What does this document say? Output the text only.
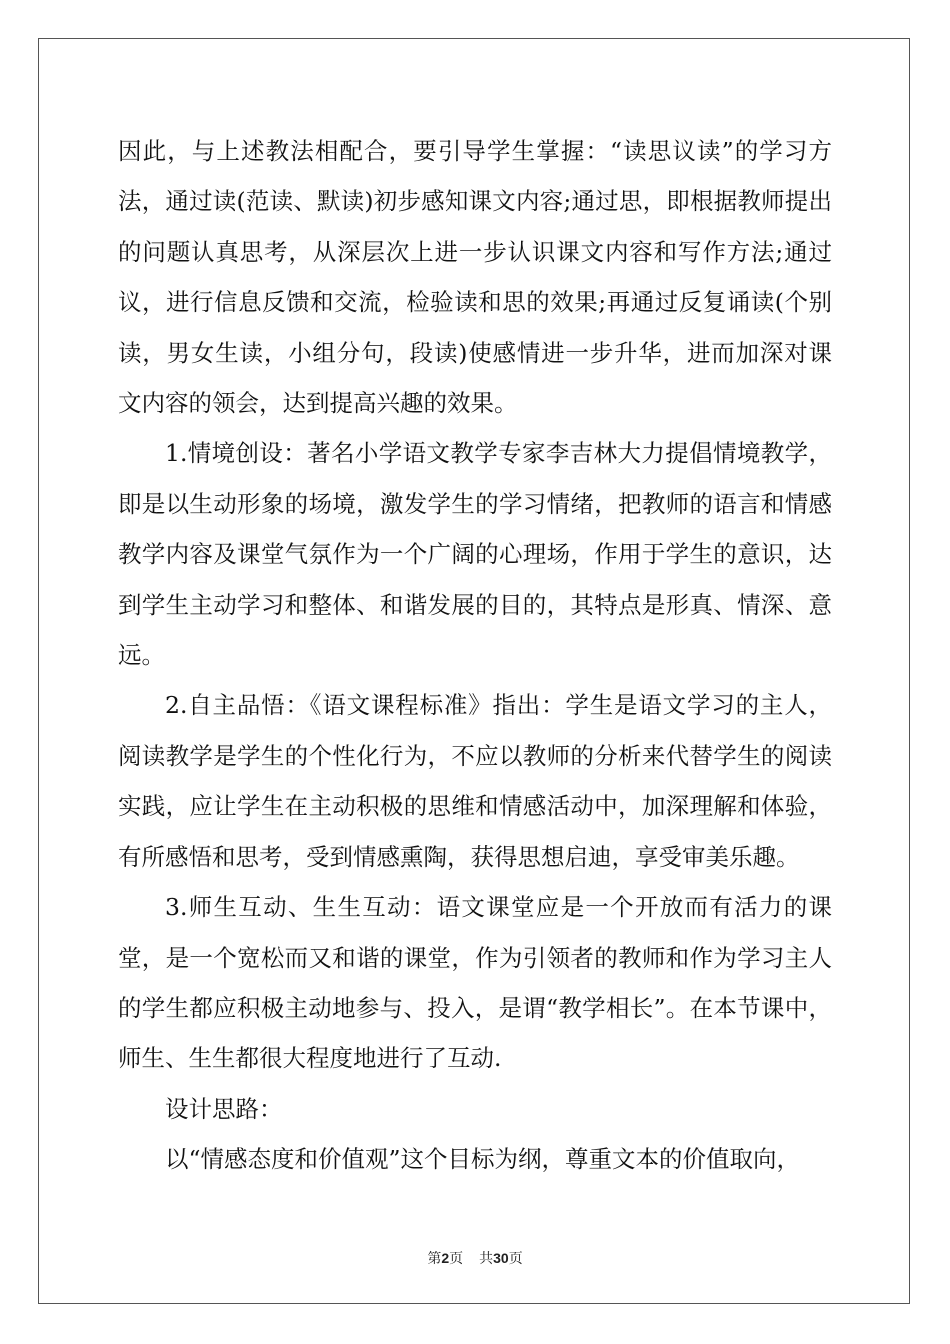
因此，与上述教法相配合，要引导学生掌握：“读思议读”的学习方法，通过读(范读、默读)初步感知课文内容;通过思，即根据教师提出的问题认真思考，从深层次上进一步认识课文内容和写作方法;通过议，进行信息反馈和交流，检验读和思的效果;再通过反复诵读(个别读，男女生读，小组分句，段读)使感情进一步升华，进而加深对课文内容的领会，达到提高兴趣的效果。

1.情境创设：著名小学语文教学专家李吉林大力提倡情境教学，即是以生动形象的场境，激发学生的学习情绪，把教师的语言和情感教学内容及课堂气氛作为一个广阔的心理场，作用于学生的意识，达到学生主动学习和整体、和谐发展的目的，其特点是形真、情深、意远。

2.自主品悟：《语文课程标准》指出：学生是语文学习的主人，阅读教学是学生的个性化行为，不应以教师的分析来代替学生的阅读实践，应让学生在主动积极的思维和情感活动中，加深理解和体验，有所感悟和思考，受到情感熏陶，获得思想启迪，享受审美乐趣。

3.师生互动、生生互动：语文课堂应是一个开放而有活力的课堂，是一个宽松而又和谐的课堂，作为引领者的教师和作为学习主人的学生都应积极主动地参与、投入，是谓“教学相长”。在本节课中，师生、生生都很大程度地进行了互动.

设计思路：

以“情感态度和价值观”这个目标为纲，尊重文本的价值取向，

第2页 共30页
